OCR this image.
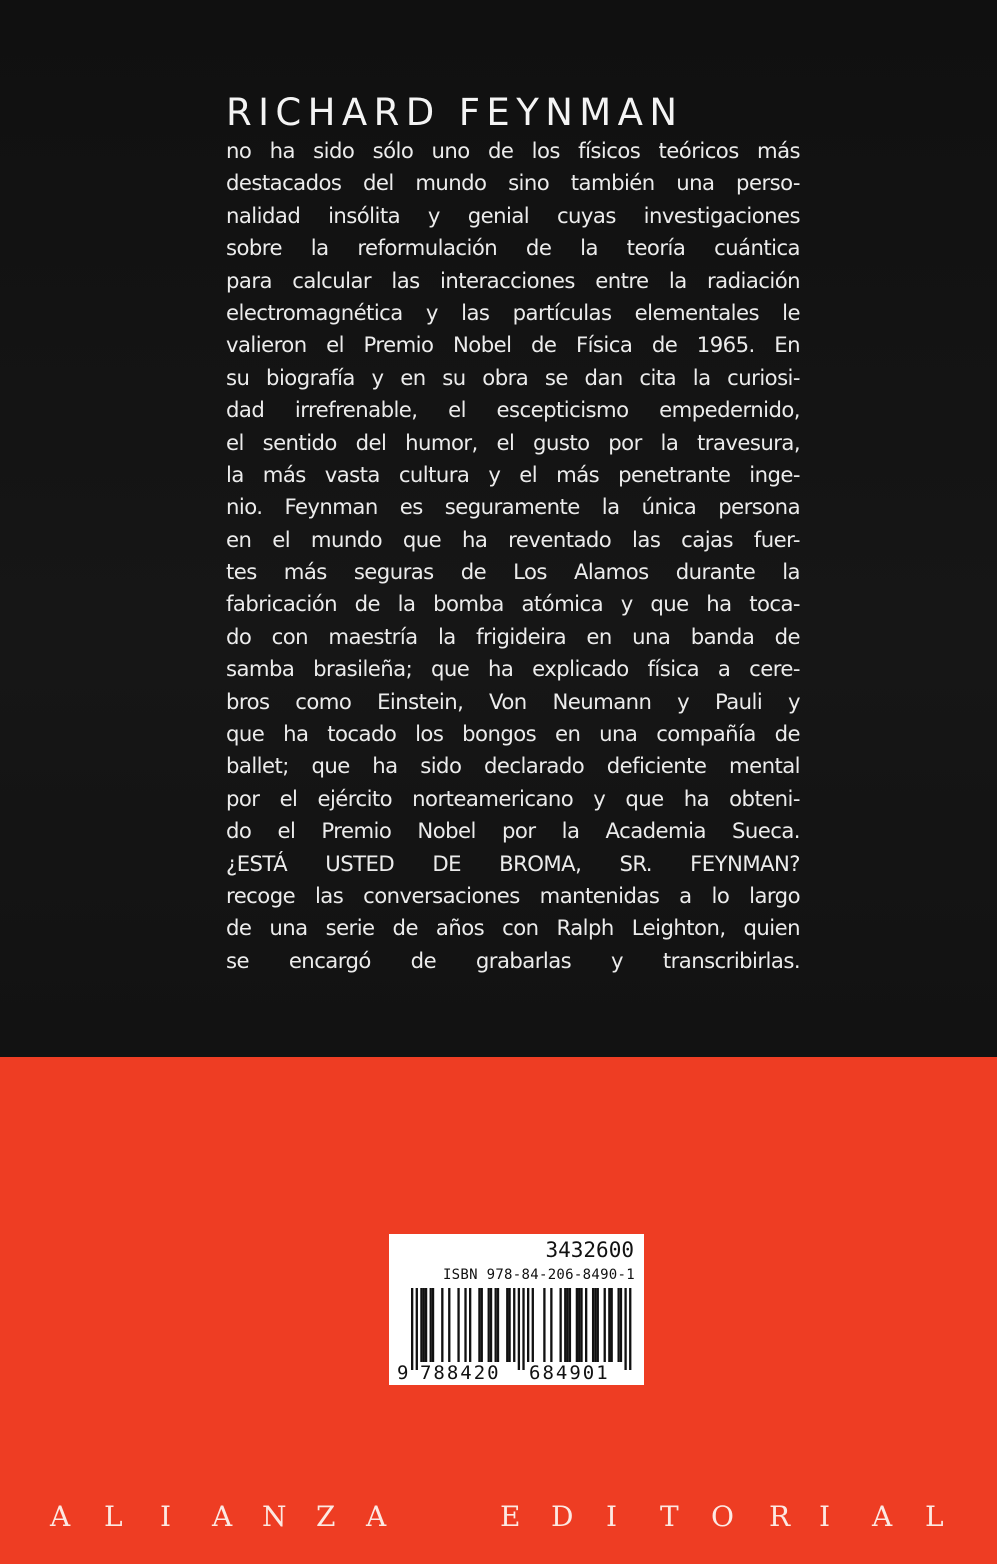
RICHARD FEYNMAN
no ha sido sólo uno de los físicos teóricos más
destacados del mundo sino también una perso-
nalidad insólita y genial cuyas investigaciones
sobre la reformulación de la teoría cuántica
para calcular las interacciones entre la radiación
electromagnética y las partículas elementales le
valieron el Premio Nobel de Física de 1965. En
su biografía y en su obra se dan cita la curiosi-
dad irrefrenable, el escepticismo empedernido,
el sentido del humor, el gusto por la travesura,
la más vasta cultura y el más penetrante inge-
nio. Feynman es seguramente la única persona
en el mundo que ha reventado las cajas fuer-
tes más seguras de Los Alamos durante la
fabricación de la bomba atómica y que ha toca-
do con maestría la frigideira en una banda de
samba brasileña; que ha explicado física a cere-
bros como Einstein, Von Neumann y Pauli y
que ha tocado los bongos en una compañía de
ballet; que ha sido declarado deficiente mental
por el ejército norteamericano y que ha obteni-
do el Premio Nobel por la Academia Sueca.
¿ESTÁ USTED DE BROMA, SR. FEYNMAN?
recoge las conversaciones mantenidas a lo largo
de una serie de años con Ralph Leighton, quien
se encargó de grabarlas y transcribirlas.
3432600
ISBN 978-84-206-8490-1
9 788420 684901
A L I A N Z A	E D I T O R I A L
